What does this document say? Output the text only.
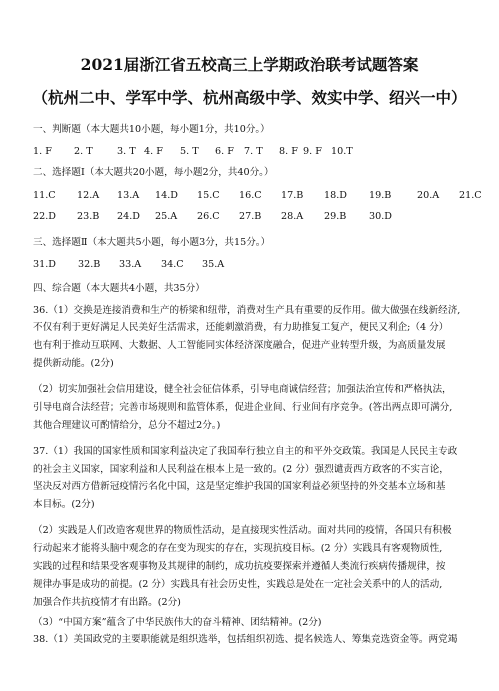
2021届浙江省五校高三上学期政治联考试题答案
（杭州二中、学军中学、杭州高级中学、效实中学、绍兴一中）
一、判断题（本大题共10小题，每小题1分，共10分。）
1. F 2. T	3. T 4. F 5. T 6. F 7. T 8. F 9. F 10.T
二、选择题Ⅰ（本大题共20小题，每小题2分，共40分。）
11.C 12.A 13.A 14.D 15.C 16.C 17.B 18.D 19.B	20.A 21.C
22.D 23.B 24.D 25.A 26.C 27.B 28.A 29.B 30.D
三、选择题Ⅱ（本大题共5小题，每小题3分，共15分。）
31.D 32.B 33.A 34.C 35.A
四、综合题（本大题共4小题，共35分）
36.（1）交换是连接消费和生产的桥梁和纽带，消费对生产具有重要的反作用。做大做强在线新经济,
不仅有利于更好满足人民美好生活需求，还能刺激消费，有力助推复工复产，便民又利企;（4 分）
也有利于推动互联网、大数据、人工智能同实体经济深度融合，促进产业转型升级，为高质量发展
提供新动能。(2分)
（2）切实加强社会信用建设，健全社会征信体系，引导电商诚信经营；加强法治宣传和严格执法，
引导电商合法经营；完善市场规则和监管体系，促进企业间、行业间有序竞争。(答出两点即可满分,
其他合理建议可酌情给分，总分不超过2分。)
37.（1）我国的国家性质和国家利益决定了我国奉行独立自主的和平外交政策。我国是人民民主专政
的社会主义国家，国家利益和人民利益在根本上是一致的。(2 分）强烈谴责西方政客的不实言论，
坚决反对西方借新冠疫情污名化中国，这是坚定维护我国的国家利益必须坚持的外交基本立场和基
本目标。(2分)
（2）实践是人们改造客观世界的物质性活动，是直接现实性活动。面对共同的疫情，各国只有积极
行动起来才能将头脑中观念的存在变为现实的存在，实现抗疫目标。(2 分）实践具有客观物质性,
实践的过程和结果受客观事物及其规律的制约，成功抗疫要探索并遵循人类流行疾病传播规律，按
规律办事是成功的前提。(2 分）实践具有社会历史性，实践总是处在一定社会关系中的人的活动,
加强合作共抗疫情才有出路。(2分)
（3）“中国方案”蕴含了中华民族伟大的奋斗精神、团结精神。(2分)
38.（1）美国政党的主要职能就是组织选举，包括组织初选、提名候选人、筹集竞选资金等。两党竭
